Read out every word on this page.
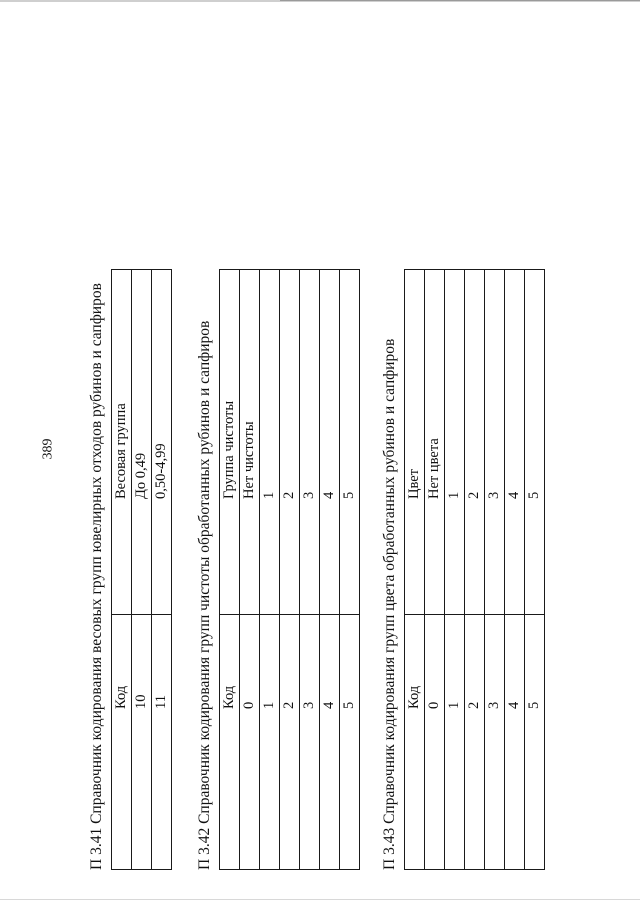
389 П 3.41 Справочник кодирования весовых групп ювелирных отходов рубинов и сапфиров Код	Весовая группа
10	До 0,49
11	0,50-4,99 П 3.42 Справочник кодирования групп чистоты обработанных рубинов и сапфиров Код	Группа чистоты
0	Нет чистоты
1	1
2	2
3	3
4	4
5	5 П 3.43 Справочник кодирования групп цвета обработанных рубинов и сапфиров Код	Цвет
0	Нет цвета
1	1
2	2
3	3
4	4
5	5
